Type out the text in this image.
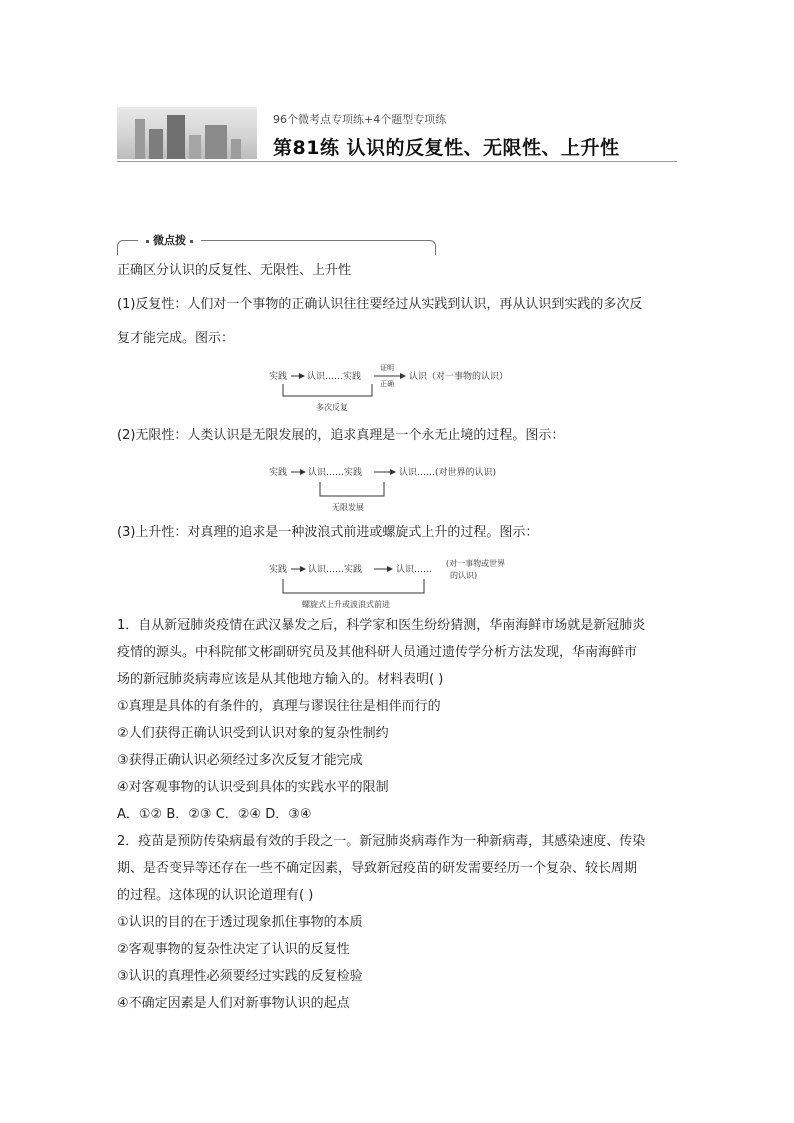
96个微考点专项练+4个题型专项练
第81练 认识的反复性、无限性、上升性
微点拨
正确区分认识的反复性、无限性、上升性
(1)反复性：人们对一个事物的正确认识往往要经过从实践到认识，再从认识到实践的多次反
复才能完成。图示：
实践 认识……实践
证明
正确
认识（对一事物的认识）
多次反复
(2)无限性：人类认识是无限发展的，追求真理是一个永无止境的过程。图示：
实践 认识……实践	认识……(对世界的认识)
无限发展
(3)上升性：对真理的追求是一种波浪式前进或螺旋式上升的过程。图示：
实践 认识……实践	认识……
(对一事物或世界
的认识)
螺旋式上升或波浪式前进
1．自从新冠肺炎疫情在武汉暴发之后，科学家和医生纷纷猜测，华南海鲜市场就是新冠肺炎
疫情的源头。中科院郁文彬副研究员及其他科研人员通过遗传学分析方法发现，华南海鲜市
场的新冠肺炎病毒应该是从其他地方输入的。材料表明( )
①真理是具体的有条件的，真理与谬误往往是相伴而行的
②人们获得正确认识受到认识对象的复杂性制约
③获得正确认识必须经过多次反复才能完成
④对客观事物的认识受到具体的实践水平的限制
A．①② B．②③ C．②④ D．③④
2．疫苗是预防传染病最有效的手段之一。新冠肺炎病毒作为一种新病毒，其感染速度、传染
期、是否变异等还存在一些不确定因素，导致新冠疫苗的研发需要经历一个复杂、较长周期
的过程。这体现的认识论道理有( )
①认识的目的在于透过现象抓住事物的本质
②客观事物的复杂性决定了认识的反复性
③认识的真理性必须要经过实践的反复检验
④不确定因素是人们对新事物认识的起点
